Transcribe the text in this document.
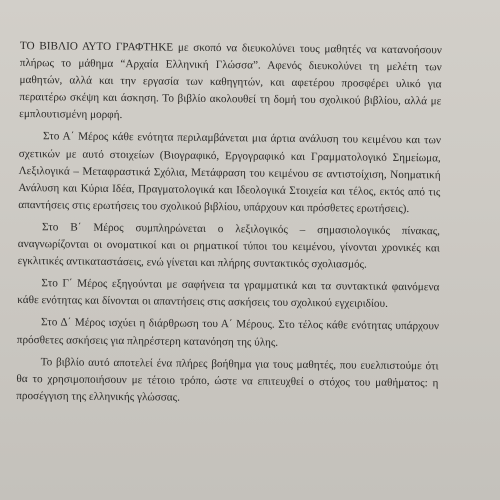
ΤΟ ΒΙΒΛΙΟ ΑΥΤΟ ΓΡΑΦΤΗΚΕ με σκοπό να διευκολύνει τους μαθητές να κατανοήσουν πλήρως το μάθημα “Αρχαία Ελληνική Γλώσσα”. Αφενός διευκολύνει τη μελέτη των μαθητών, αλλά και την εργασία των καθηγητών, και αφετέρου προσφέρει υλικό για περαιτέρω σκέψη και άσκηση. Το βιβλίο ακολουθεί τη δομή του σχολικού βιβλίου, αλλά με εμπλουτισμένη μορφή.

Στο Α΄ Μέρος κάθε ενότητα περιλαμβάνεται μια άρτια ανάλυση του κειμένου και των σχετικών με αυτό στοιχείων (Βιογραφικό, Εργογραφικό και Γραμματολογικό Σημείωμα, Λεξιλογικά – Μεταφραστικά Σχόλια, Μετάφραση του κειμένου σε αντιστοίχιση, Νοηματική Ανάλυση και Κύρια Ιδέα, Πραγματολογικά και Ιδεολογικά Στοιχεία και τέλος, εκτός από τις απαντήσεις στις ερωτήσεις του σχολικού βιβλίου, υπάρχουν και πρόσθετες ερωτήσεις).

Στο Β΄ Μέρος συμπληρώνεται ο λεξιλογικός – σημασιολογικός πίνακας, αναγνωρίζονται οι ονοματικοί και οι ρηματικοί τύποι του κειμένου, γίνονται χρονικές και εγκλιτικές αντικαταστάσεις, ενώ γίνεται και πλήρης συντακτικός σχολιασμός.

Στο Γ΄ Μέρος εξηγούνται με σαφήνεια τα γραμματικά και τα συντακτικά φαινόμενα κάθε ενότητας και δίνονται οι απαντήσεις στις ασκήσεις του σχολικού εγχειριδίου.

Στο Δ΄ Μέρος ισχύει η διάρθρωση του Α΄ Μέρους. Στο τέλος κάθε ενότητας υπάρχουν πρόσθετες ασκήσεις για πληρέστερη κατανόηση της ύλης.

Το βιβλίο αυτό αποτελεί ένα πλήρες βοήθημα για τους μαθητές, που ευελπιστούμε ότι θα το χρησιμοποιήσουν με τέτοιο τρόπο, ώστε να επιτευχθεί ο στόχος του μαθήματος: η προσέγγιση της ελληνικής γλώσσας.
